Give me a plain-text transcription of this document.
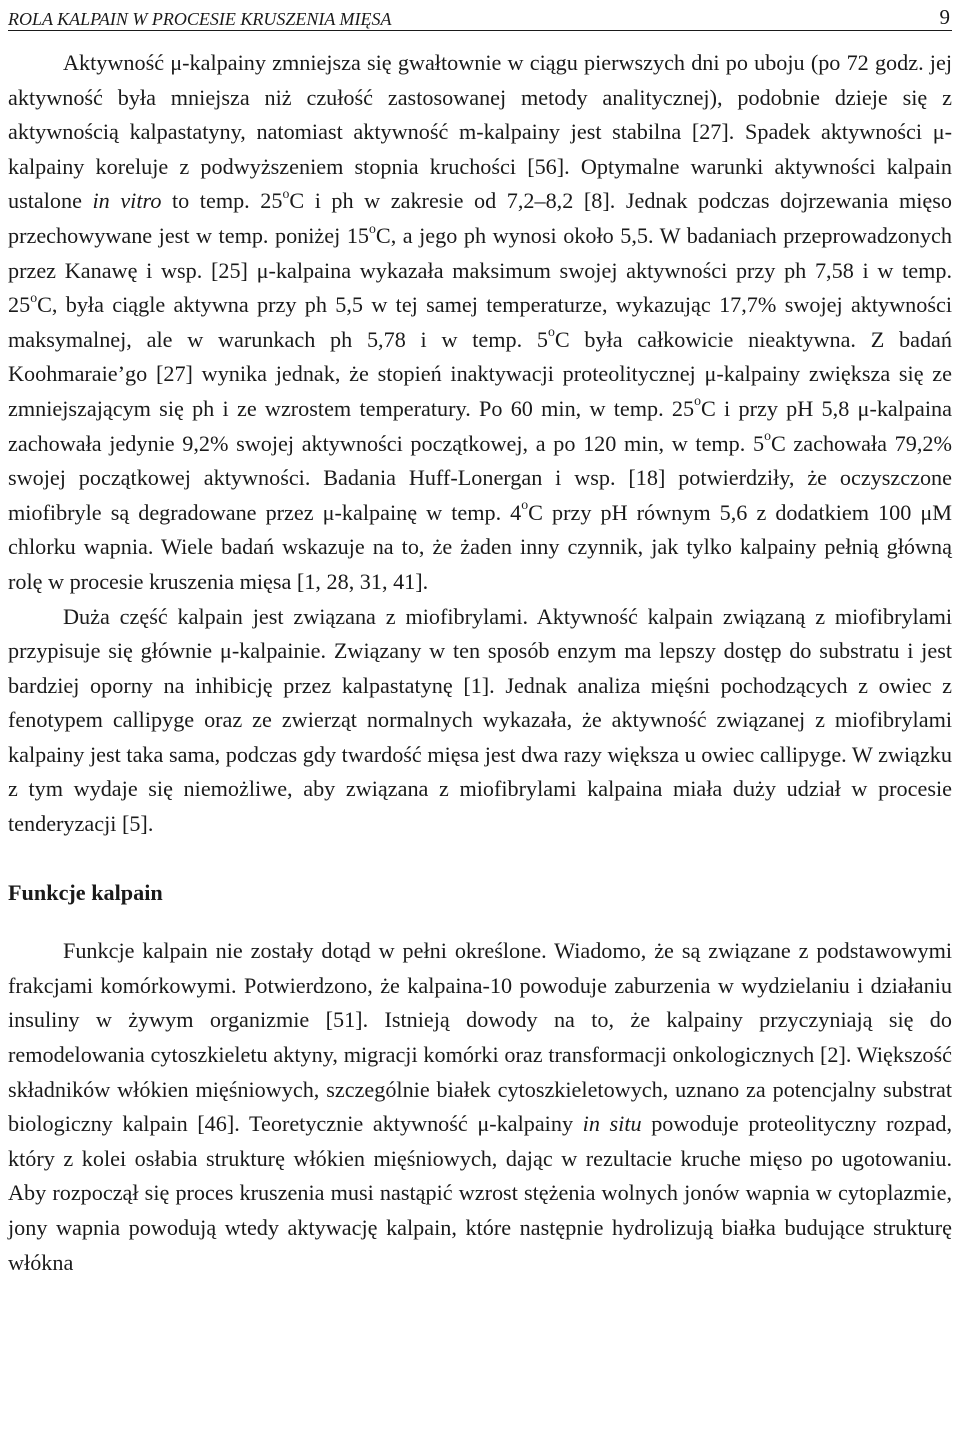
ROLA KALPAIN W PROCESIE KRUSZENIA MIĘSA	9

Aktywność μ-kalpainy zmniejsza się gwałtownie w ciągu pierwszych dni po uboju (po 72 godz. jej aktywność była mniejsza niż czułość zastosowanej metody analitycznej), podobnie dzieje się z aktywnością kalpastatyny, natomiast aktywność m-kalpainy jest stabilna [27]. Spadek aktywności μ-kalpainy koreluje z podwyższeniem stopnia kruchości [56]. Optymalne warunki aktywności kalpain ustalone in vitro to temp. 25$^o$C i ph w zakresie od 7,2–8,2 [8]. Jednak podczas dojrzewania mięso przechowywane jest w temp. poniżej 15$^o$C, a jego ph wynosi około 5,5. W badaniach przeprowadzonych przez Kanawę i wsp. [25] μ-kalpaina wykazała maksimum swojej aktywności przy ph 7,58 i w temp. 25$^o$C, była ciągle aktywna przy ph 5,5 w tej samej temperaturze, wykazując 17,7% swojej aktywności maksymalnej, ale w warunkach ph 5,78 i w temp. 5$^o$C była całkowicie nieaktywna. Z badań Koohmaraie’go [27] wynika jednak, że stopień inaktywacji proteolitycznej μ-kalpainy zwiększa się ze zmniejszającym się ph i ze wzrostem temperatury. Po 60 min, w temp. 25$^o$C i przy pH 5,8 μ-kalpaina zachowała jedynie 9,2% swojej aktywności początkowej, a po 120 min, w temp. 5$^o$C zachowała 79,2% swojej początkowej aktywności. Badania Huff-Lonergan i wsp. [18] potwierdziły, że oczyszczone miofibryle są degradowane przez μ-kalpainę w temp. 4$^o$C przy pH równym 5,6 z dodatkiem 100 μM chlorku wapnia. Wiele badań wskazuje na to, że żaden inny czynnik, jak tylko kalpainy pełnią główną rolę w procesie kruszenia mięsa [1, 28, 31, 41].

Duża część kalpain jest związana z miofibrylami. Aktywność kalpain związaną z miofibrylami przypisuje się głównie μ-kalpainie. Związany w ten sposób enzym ma lepszy dostęp do substratu i jest bardziej oporny na inhibicję przez kalpastatynę [1]. Jednak analiza mięśni pochodzących z owiec z fenotypem callipyge oraz ze zwierząt normalnych wykazała, że aktywność związanej z miofibrylami kalpainy jest taka sama, podczas gdy twardość mięsa jest dwa razy większa u owiec callipyge. W związku z tym wydaje się niemożliwe, aby związana z miofibrylami kalpaina miała duży udział w procesie tenderyzacji [5].

Funkcje kalpain

Funkcje kalpain nie zostały dotąd w pełni określone. Wiadomo, że są związane z podstawowymi frakcjami komórkowymi. Potwierdzono, że kalpaina-10 powoduje zaburzenia w wydzielaniu i działaniu insuliny w żywym organizmie [51]. Istnieją dowody na to, że kalpainy przyczyniają się do remodelowania cytoszkieletu aktyny, migracji komórki oraz transformacji onkologicznych [2]. Większość składników włókien mięśniowych, szczególnie białek cytoszkieletowych, uznano za potencjalny substrat biologiczny kalpain [46]. Teoretycznie aktywność μ-kalpainy in situ powoduje proteolityczny rozpad, który z kolei osłabia strukturę włókien mięśniowych, dając w rezultacie kruche mięso po ugotowaniu. Aby rozpoczął się proces kruszenia musi nastąpić wzrost stężenia wolnych jonów wapnia w cytoplazmie, jony wapnia powodują wtedy aktywację kalpain, które następnie hydrolizują białka budujące strukturę włókna
